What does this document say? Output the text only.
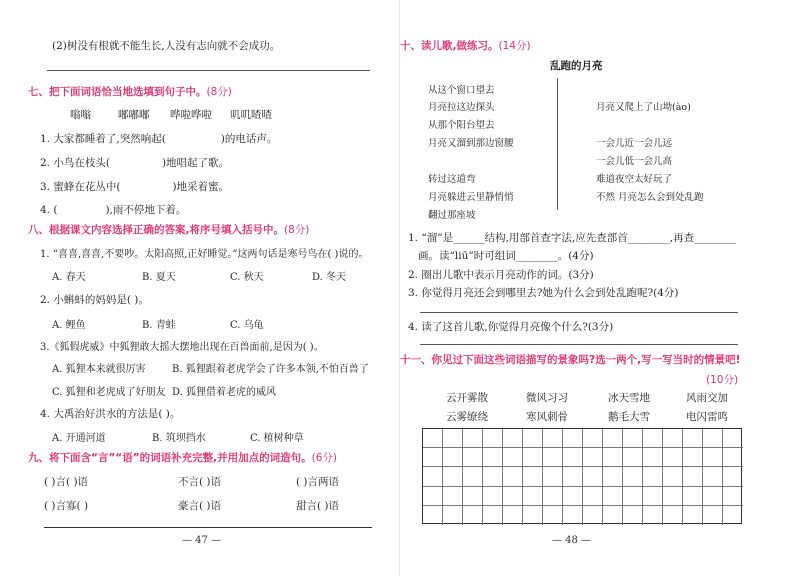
(2)树没有根就不能生长,人没有志向就不会成功。
七、把下面词语恰当地选填到句子中。(8分)
嗡嗡	嘟嘟嘟 哗啦哗啦 叽叽喳喳
1. 大家都睡着了,突然响起(	)的电话声。
2. 小鸟在枝头(	)地唱起了歌。
3. 蜜蜂在花丛中(	)地采着蜜。
4. (	),雨不停地下着。
八、根据课文内容选择正确的答案,将序号填入括号中。(8分)
1. “喜喜,喜喜,不要吵。太阳高照,正好睡觉。”这两句话是寒号鸟在( )说的。
A. 春天	B. 夏天	C. 秋天	D. 冬天
2. 小蝌蚪的妈妈是( )。
A. 鲤鱼	B. 青蛙	C. 乌龟
3.《狐假虎威》中狐狸敢大摇大摆地出现在百兽面前,是因为( )。
A. 狐狸本来就很厉害	B. 狐狸跟着老虎学会了许多本领,不怕百兽了
C. 狐狸和老虎成了好朋友 D. 狐狸借着老虎的威风
4. 大禹治好洪水的方法是( )。
A. 开通河道	B. 筑坝挡水	C. 植树种草
九、将下面含“言”“语”的词语补充完整,并用加点的词造句。(6分)
( )言( )语	不言( )语	( )言两语
( )言寡( )	豪言( )语	甜言( )语
— 47 —
十、读儿歌,做练习。(14分)
乱跑的月亮
从这个窗口望去
月亮拉这边探头
从那个阳台望去
月亮又溜到那边窗腰
转过这道弯
月亮躲进云里静悄悄
翻过那座坡
月亮又爬上了山坳(ào)
一会儿近一会儿远
一会儿低一会儿高
难道夜空太好玩了
不然 月亮怎么会到处乱跑
1. “溜”是______结构,用部首查字法,应先查部首________,再查________
画。读“liū”时可组词________。(4分)
2. 圈出儿歌中表示月亮动作的词。(3分)
3. 你觉得月亮还会到哪里去?她为什么会到处乱跑呢?(4分)
4. 读了这首儿歌,你觉得月亮像个什么?(3分)
十一、你见过下面这些词语描写的景象吗?选一两个,写一写当时的情景吧!
(10分)
云开雾散	微风习习	冰天雪地	风雨交加
云雾缭绕	寒风刺骨	鹅毛大雪	电闪雷鸣
— 48 —
